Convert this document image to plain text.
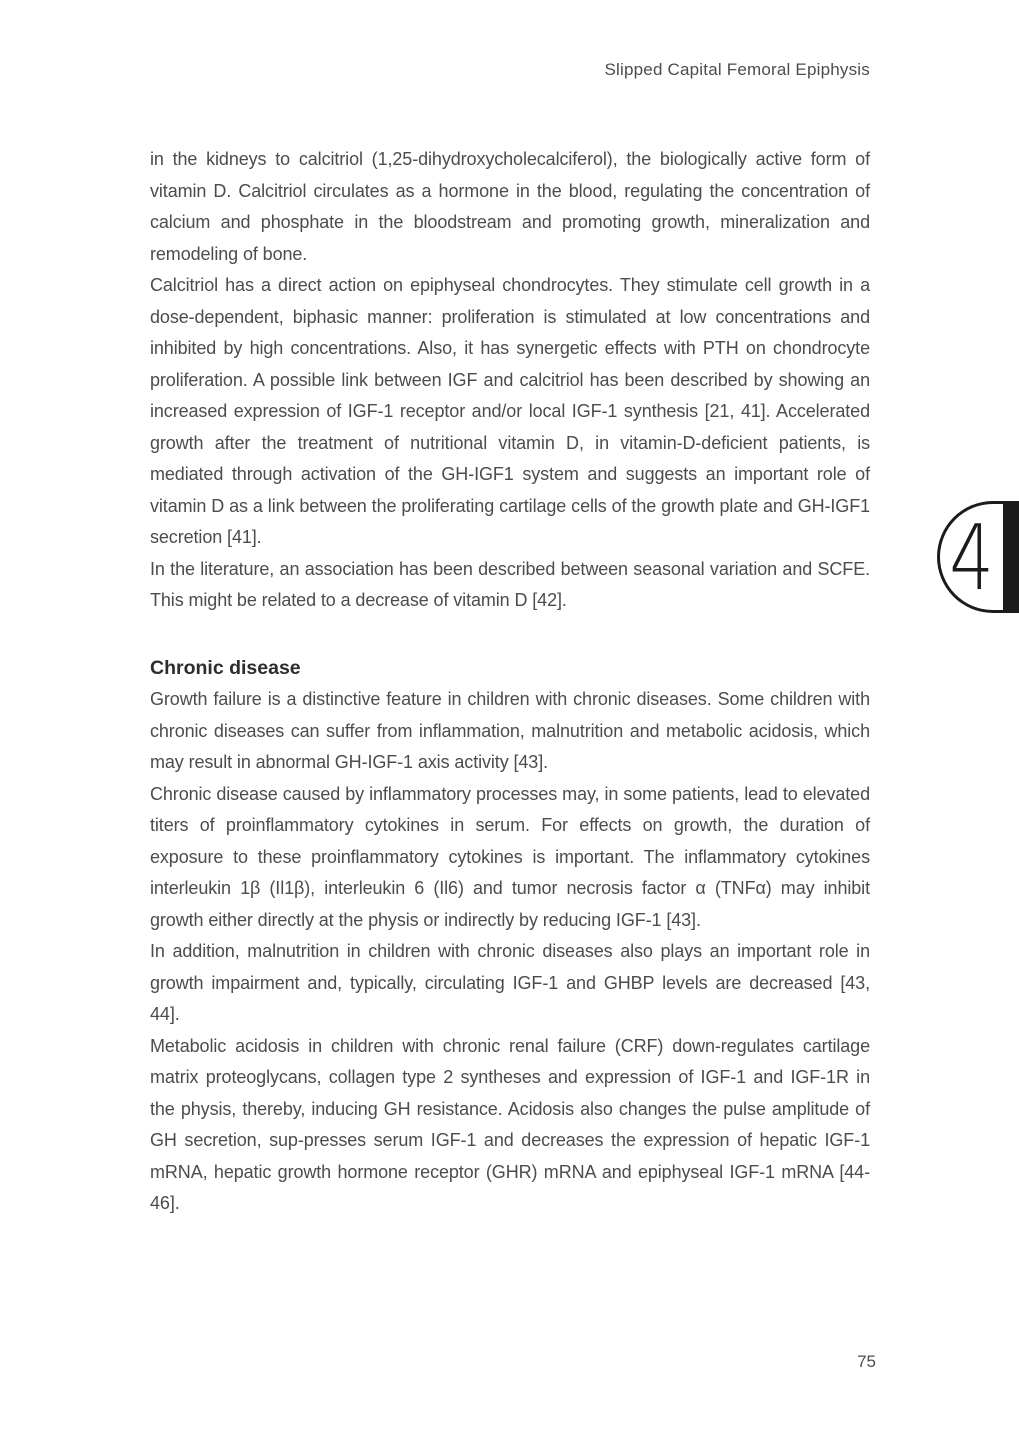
Slipped Capital Femoral Epiphysis

in the kidneys to calcitriol (1,25-dihydroxycholecalciferol), the biologically active form of vitamin D. Calcitriol circulates as a hormone in the blood, regulating the concentration of calcium and phosphate in the bloodstream and promoting growth, mineralization and remodeling of bone.

Calcitriol has a direct action on epiphyseal chondrocytes. They stimulate cell growth in a dose-dependent, biphasic manner: proliferation is stimulated at low concentrations and inhibited by high concentrations. Also, it has synergetic effects with PTH on chondrocyte proliferation. A possible link between IGF and calcitriol has been described by showing an increased expression of IGF-1 receptor and/or local IGF-1 synthesis [21, 41]. Accelerated growth after the treatment of nutritional vitamin D, in vitamin-D-deficient patients, is mediated through activation of the GH-IGF1 system and suggests an important role of vitamin D as a link between the proliferating cartilage cells of the growth plate and GH-IGF1 secretion [41].

In the literature, an association has been described between seasonal variation and SCFE. This might be related to a decrease of vitamin D [42].

Chronic disease

Growth failure is a distinctive feature in children with chronic diseases. Some children with chronic diseases can suffer from inflammation, malnutrition and metabolic acidosis, which may result in abnormal GH-IGF-1 axis activity [43].

Chronic disease caused by inflammatory processes may, in some patients, lead to elevated titers of proinflammatory cytokines in serum. For effects on growth, the duration of exposure to these proinflammatory cytokines is important. The inflammatory cytokines interleukin 1β (Il1β), interleukin 6 (Il6) and tumor necrosis factor α (TNFα) may inhibit growth either directly at the physis or indirectly by reducing IGF-1 [43].

In addition, malnutrition in children with chronic diseases also plays an important role in growth impairment and, typically, circulating IGF-1 and GHBP levels are decreased [43, 44].

Metabolic acidosis in children with chronic renal failure (CRF) down-regulates cartilage matrix proteoglycans, collagen type 2 syntheses and expression of IGF-1 and IGF-1R in the physis, thereby, inducing GH resistance. Acidosis also changes the pulse amplitude of GH secretion, sup-presses serum IGF-1 and decreases the expression of hepatic IGF-1 mRNA, hepatic growth hormone receptor (GHR) mRNA and epiphyseal IGF-1 mRNA [44-46].

4
75
